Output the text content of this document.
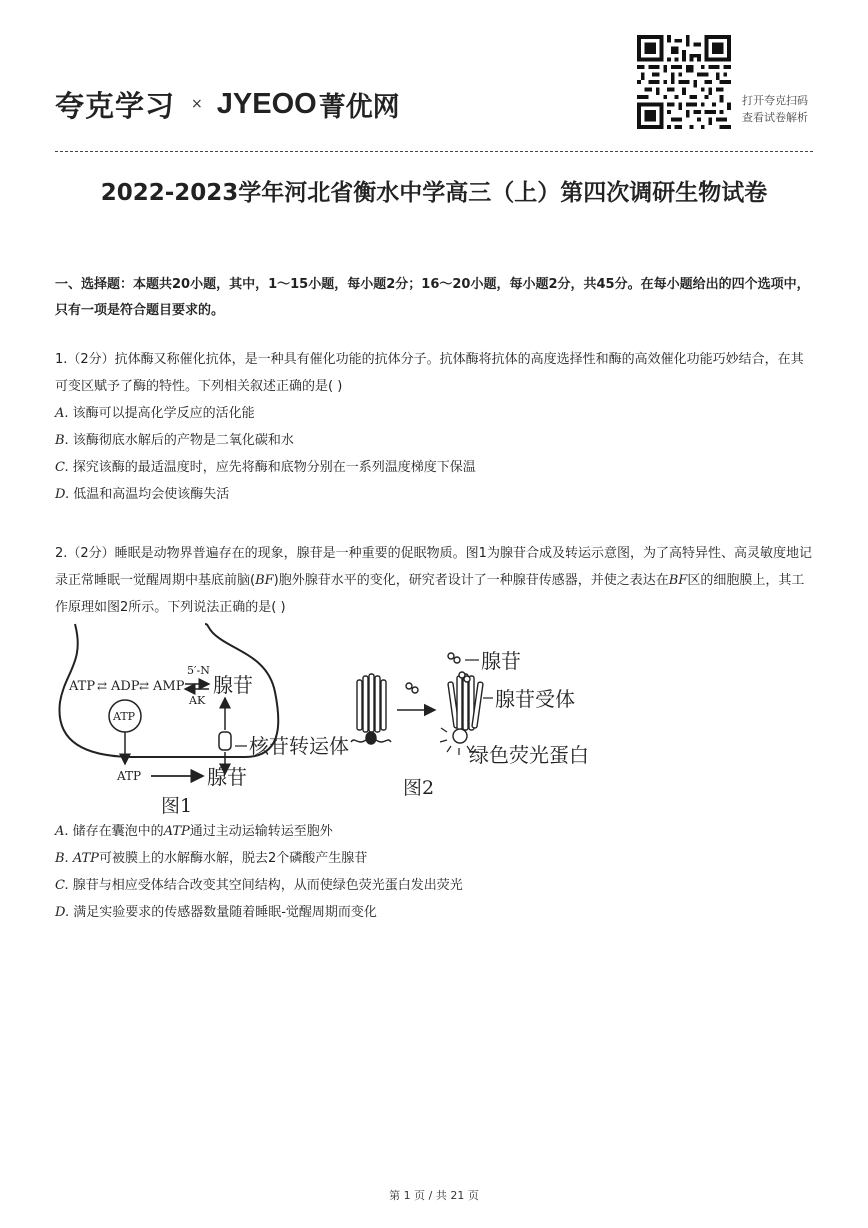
夸克学习 × JYEOO 菁优网	打开夸克扫码
查看试卷解析
2022-2023学年河北省衡水中学高三（上）第四次调研生物试卷
一、选择题：本题共20小题，其中，1～15小题，每小题2分；16～20小题，每小题2分，共45分。在每小题给出的四个选项中，只有一项是符合题目要求的。

1.（2分）抗体酶又称催化抗体，是一种具有催化功能的抗体分子。抗体酶将抗体的高度选择性和酶的高效催化功能巧妙结合，在其可变区赋予了酶的特性。下列相关叙述正确的是( )

A. 该酶可以提高化学反应的活化能
B. 该酶彻底水解后的产物是二氧化碳和水
C. 探究该酶的最适温度时，应先将酶和底物分别在一系列温度梯度下保温
D. 低温和高温均会使该酶失活

2.（2分）睡眠是动物界普遍存在的现象，腺苷是一种重要的促眠物质。图1为腺苷合成及转运示意图，为了高特异性、高灵敏度地记录正常睡眠一觉醒周期中基底前脑(BF)胞外腺苷水平的变化，研究者设计了一种腺苷传感器，并使之表达在BF区的细胞膜上，其工作原理如图2所示。下列说法正确的是( )

ATP ⇄ ADP ⇄ AMP
5′-N
AK
腺苷
ATP
核苷转运体
ATP	腺苷
图1
腺苷
腺苷受体
绿色荧光蛋白
图2
A. 储存在囊泡中的ATP通过主动运输转运至胞外
B. ATP可被膜上的水解酶水解，脱去2个磷酸产生腺苷
C. 腺苷与相应受体结合改变其空间结构，从而使绿色荧光蛋白发出荧光
D. 满足实验要求的传感器数量随着睡眠-觉醒周期而变化
第 1 页 / 共 21 页
